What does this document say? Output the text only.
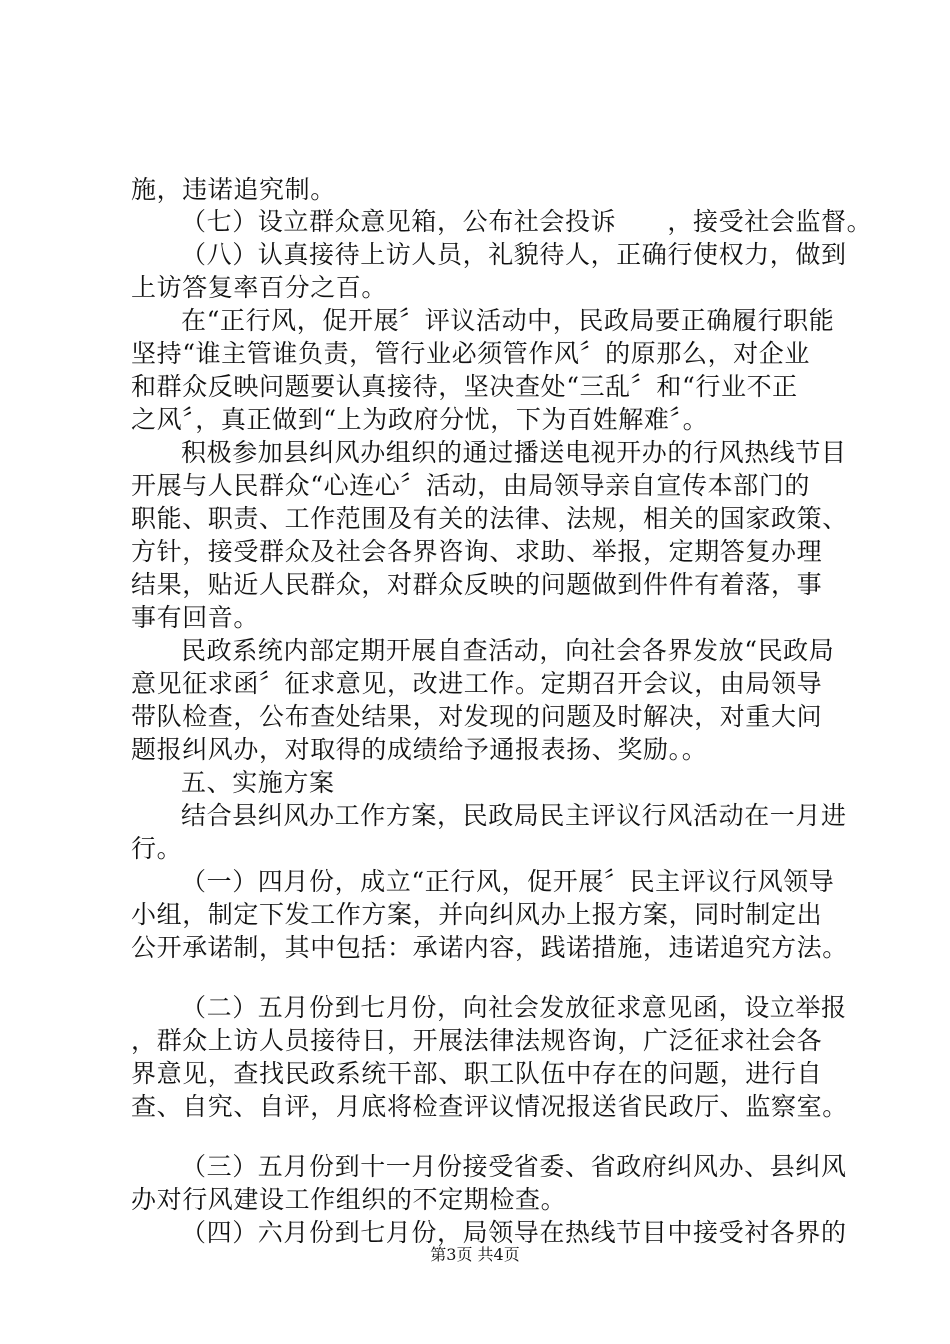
施，违诺追究制。
（七）设立群众意见箱，公布社会投诉　　，接受社会监督。
（八）认真接待上访人员，礼貌待人，正确行使权力，做到
上访答复率百分之百。
在“正行风，促开展〞评议活动中，民政局要正确履行职能
坚持“谁主管谁负责，管行业必须管作风〞的原那么，对企业
和群众反映问题要认真接待，坚决查处“三乱〞和“行业不正
之风〞，真正做到“上为政府分忧，下为百姓解难〞。
积极参加县纠风办组织的通过播送电视开办的行风热线节目
开展与人民群众“心连心〞活动，由局领导亲自宣传本部门的
职能、职责、工作范围及有关的法律、法规，相关的国家政策、
方针，接受群众及社会各界咨询、求助、举报，定期答复办理
结果，贴近人民群众，对群众反映的问题做到件件有着落，事
事有回音。
民政系统内部定期开展自查活动，向社会各界发放“民政局
意见征求函〞征求意见，改进工作。定期召开会议，由局领导
带队检查，公布查处结果，对发现的问题及时解决，对重大问
题报纠风办，对取得的成绩给予通报表扬、奖励。。
五、实施方案
结合县纠风办工作方案，民政局民主评议行风活动在一月进
行。
（一）四月份，成立“正行风，促开展〞民主评议行风领导
小组，制定下发工作方案，并向纠风办上报方案，同时制定出
公开承诺制，其中包括：承诺内容，践诺措施，违诺追究方法。
（二）五月份到七月份，向社会发放征求意见函，设立举报
，群众上访人员接待日，开展法律法规咨询，广泛征求社会各
界意见，查找民政系统干部、职工队伍中存在的问题，进行自
查、自究、自评，月底将检查评议情况报送省民政厅、监察室。
（三）五月份到十一月份接受省委、省政府纠风办、县纠风
办对行风建设工作组织的不定期检查。
（四）六月份到七月份，局领导在热线节目中接受衬各界的
第3页 共4页
